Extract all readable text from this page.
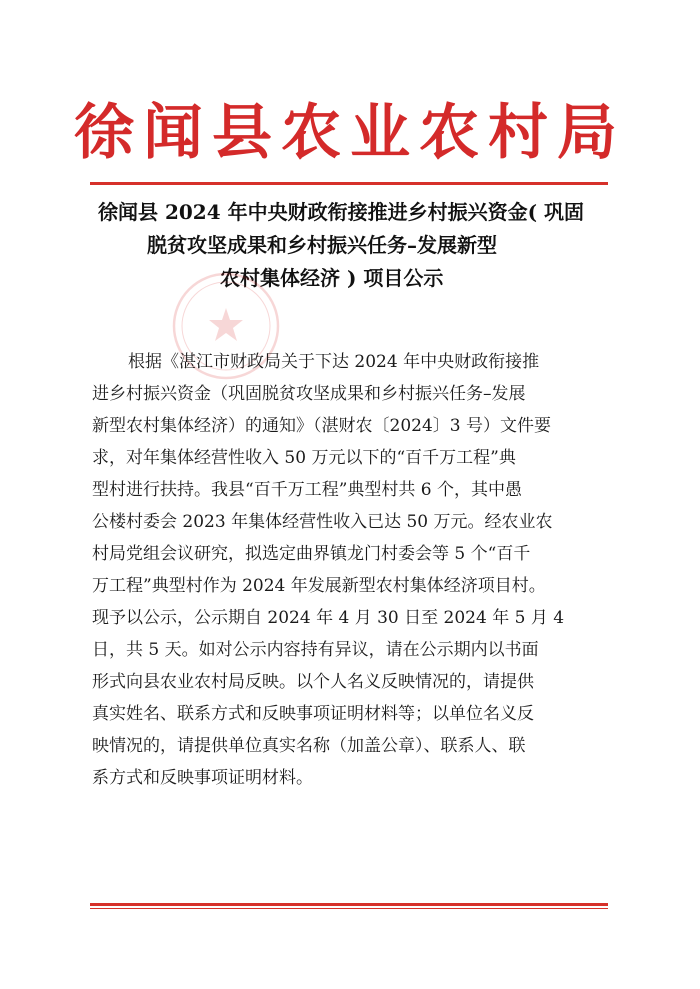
徐闻县农业农村局
徐闻县 2024 年中央财政衔接推进乡村振兴资金( 巩固
脱贫攻坚成果和乡村振兴任务–发展新型
农村集体经济 ) 项目公示
根据《湛江市财政局关于下达 2024 年中央财政衔接推
进乡村振兴资金（巩固脱贫攻坚成果和乡村振兴任务–发展
新型农村集体经济）的通知》（湛财农〔2024〕3 号）文件要
求，对年集体经营性收入 50 万元以下的“百千万工程”典
型村进行扶持。我县“百千万工程”典型村共 6 个，其中愚
公楼村委会 2023 年集体经营性收入已达 50 万元。经农业农
村局党组会议研究，拟选定曲界镇龙门村委会等 5 个“百千
万工程”典型村作为 2024 年发展新型农村集体经济项目村。
现予以公示，公示期自 2024 年 4 月 30 日至 2024 年 5 月 4
日，共 5 天。如对公示内容持有异议，请在公示期内以书面
形式向县农业农村局反映。以个人名义反映情况的，请提供
真实姓名、联系方式和反映事项证明材料等；以单位名义反
映情况的，请提供单位真实名称（加盖公章）、联系人、联
系方式和反映事项证明材料。
